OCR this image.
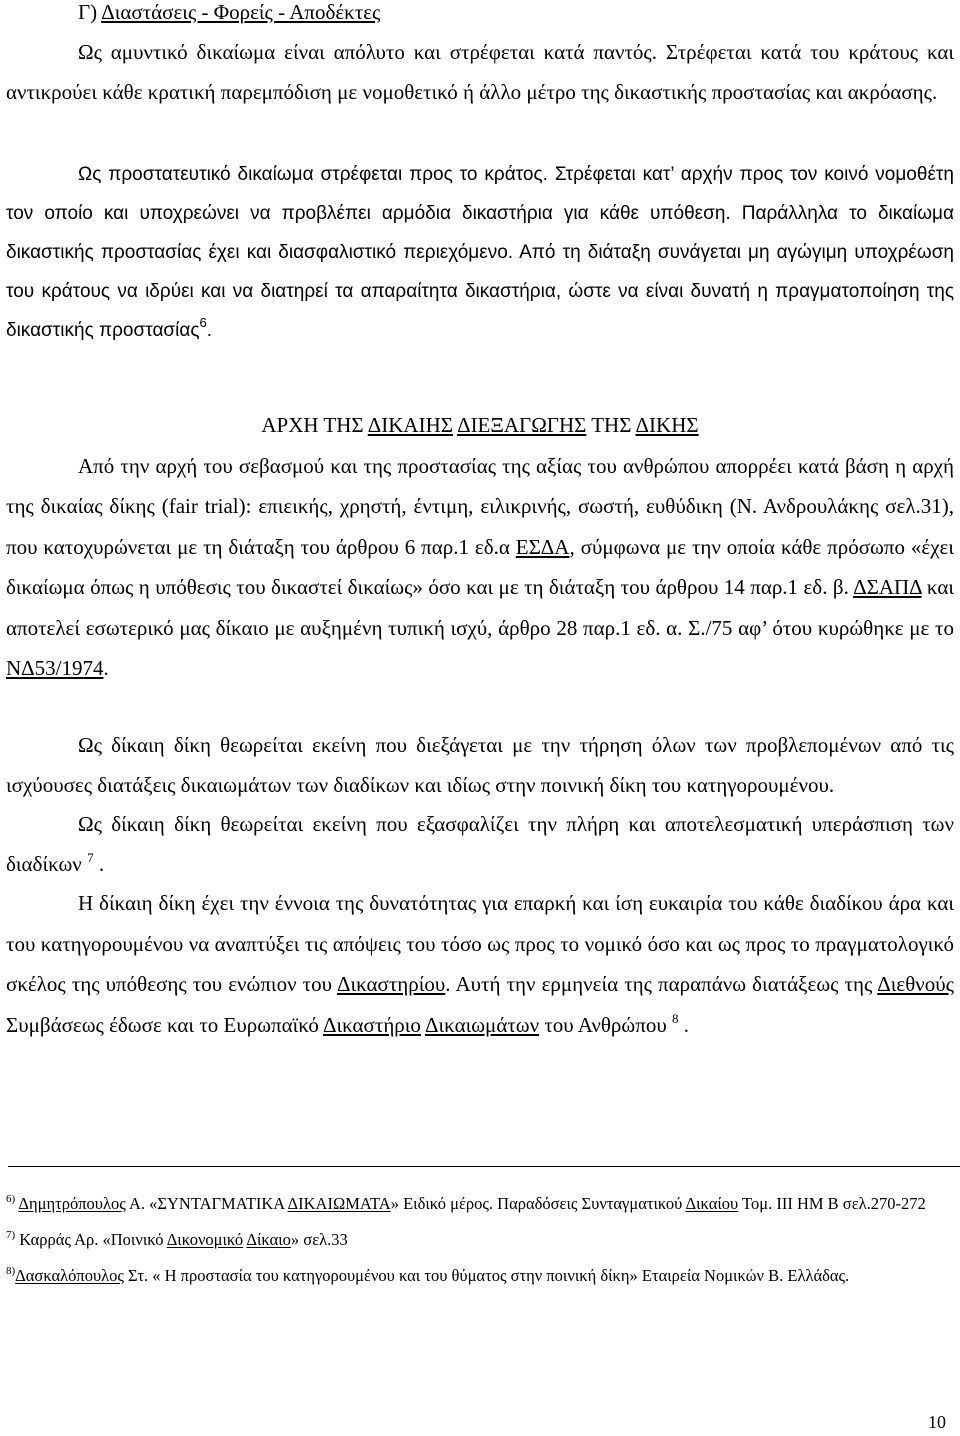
Γ) Διαστάσεις - Φορείς - Αποδέκτες
Ως αμυντικό δικαίωμα είναι απόλυτο και στρέφεται κατά παντός. Στρέφεται κατά του κράτους και αντικρούει κάθε κρατική παρεμπόδιση με νομοθετικό ή άλλο μέτρο της δικαστικής προστασίας και ακρόασης.
Ως προστατευτικό δικαίωμα στρέφεται προς το κράτος. Στρέφεται κατ’ αρχήν προς τον κοινό νομοθέτη τον οποίο και υποχρεώνει να προβλέπει αρμόδια δικαστήρια για κάθε υπόθεση. Παράλληλα το δικαίωμα δικαστικής προστασίας έχει και διασφαλιστικό περιεχόμενο. Από τη διάταξη συνάγεται μη αγώγιμη υποχρέωση του κράτους να ιδρύει και να διατηρεί τα απαραίτητα δικαστήρια, ώστε να είναι δυνατή η πραγματοποίηση της δικαστικής προστασίας$^6$.
ΑΡΧΗ ΤΗΣ ΔΙΚΑΙΗΣ ΔΙΕΞΑΓΩΓΗΣ ΤΗΣ ΔΙΚΗΣ
Από την αρχή του σεβασμού και της προστασίας της αξίας του ανθρώπου απορρέει κατά βάση η αρχή της δικαίας δίκης (fair trial): επιεικής, χρηστή, έντιμη, ειλικρινής, σωστή, ευθύδικη (Ν. Ανδρουλάκης σελ.31), που κατοχυρώνεται με τη διάταξη του άρθρου 6 παρ.1 εδ.α ΕΣΔΑ, σύμφωνα με την οποία κάθε πρόσωπο «έχει δικαίωμα όπως η υπόθεσις του δικαστεί δικαίως» όσο και με τη διάταξη του άρθρου 14 παρ.1 εδ. β. ΔΣΑΠΔ και αποτελεί εσωτερικό μας δίκαιο με αυξημένη τυπική ισχύ, άρθρο 28 παρ.1 εδ. α. Σ./75 αφ’ ότου κυρώθηκε με το ΝΔ53/1974.
Ως δίκαιη δίκη θεωρείται εκείνη που διεξάγεται με την τήρηση όλων των προβλεπομένων από τις ισχύουσες διατάξεις δικαιωμάτων των διαδίκων και ιδίως στην ποινική δίκη του κατηγορουμένου.
Ως δίκαιη δίκη θεωρείται εκείνη που εξασφαλίζει την πλήρη και αποτελεσματική υπεράσπιση των διαδίκων $^7$ .
Η δίκαιη δίκη έχει την έννοια της δυνατότητας για επαρκή και ίση ευκαιρία του κάθε διαδίκου άρα και του κατηγορουμένου να αναπτύξει τις απόψεις του τόσο ως προς το νομικό όσο και ως προς το πραγματολογικό σκέλος της υπόθεσης του ενώπιον του Δικαστηρίου. Αυτή την ερμηνεία της παραπάνω διατάξεως της Διεθνούς Συμβάσεως έδωσε και το Ευρωπαϊκό Δικαστήριο Δικαιωμάτων του Ανθρώπου $^8$ .
$^{6)}$ Δημητρόπουλος Α. «ΣΥΝΤΑΓΜΑΤΙΚΑ ΔΙΚΑΙΩΜΑΤΑ» Ειδικό μέρος. Παραδόσεις Συνταγματικού Δικαίου Τομ. ΙΙΙ ΗΜ Β σελ.270-272
$^{7)}$ Καρράς Αρ. «Ποινικό Δικονομικό Δίκαιο» σελ.33
$^{8)}$Δασκαλόπουλος Στ. « Η προστασία του κατηγορουμένου και του θύματος στην ποινική δίκη» Εταιρεία Νομικών Β. Ελλάδας.
10
